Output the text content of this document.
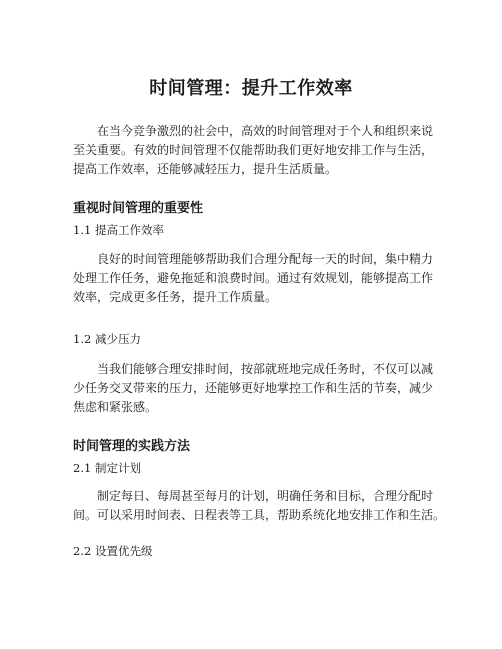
时间管理：提升工作效率
在当今竞争激烈的社会中，高效的时间管理对于个人和组织来说
至关重要。有效的时间管理不仅能帮助我们更好地安排工作与生活，
提高工作效率，还能够减轻压力，提升生活质量。
重视时间管理的重要性
1.1 提高工作效率
良好的时间管理能够帮助我们合理分配每一天的时间，集中精力
处理工作任务，避免拖延和浪费时间。通过有效规划，能够提高工作
效率，完成更多任务，提升工作质量。
1.2 减少压力
当我们能够合理安排时间，按部就班地完成任务时，不仅可以减
少任务交叉带来的压力，还能够更好地掌控工作和生活的节奏，减少
焦虑和紧张感。
时间管理的实践方法
2.1 制定计划
制定每日、每周甚至每月的计划，明确任务和目标，合理分配时
间。可以采用时间表、日程表等工具，帮助系统化地安排工作和生活。
2.2 设置优先级
